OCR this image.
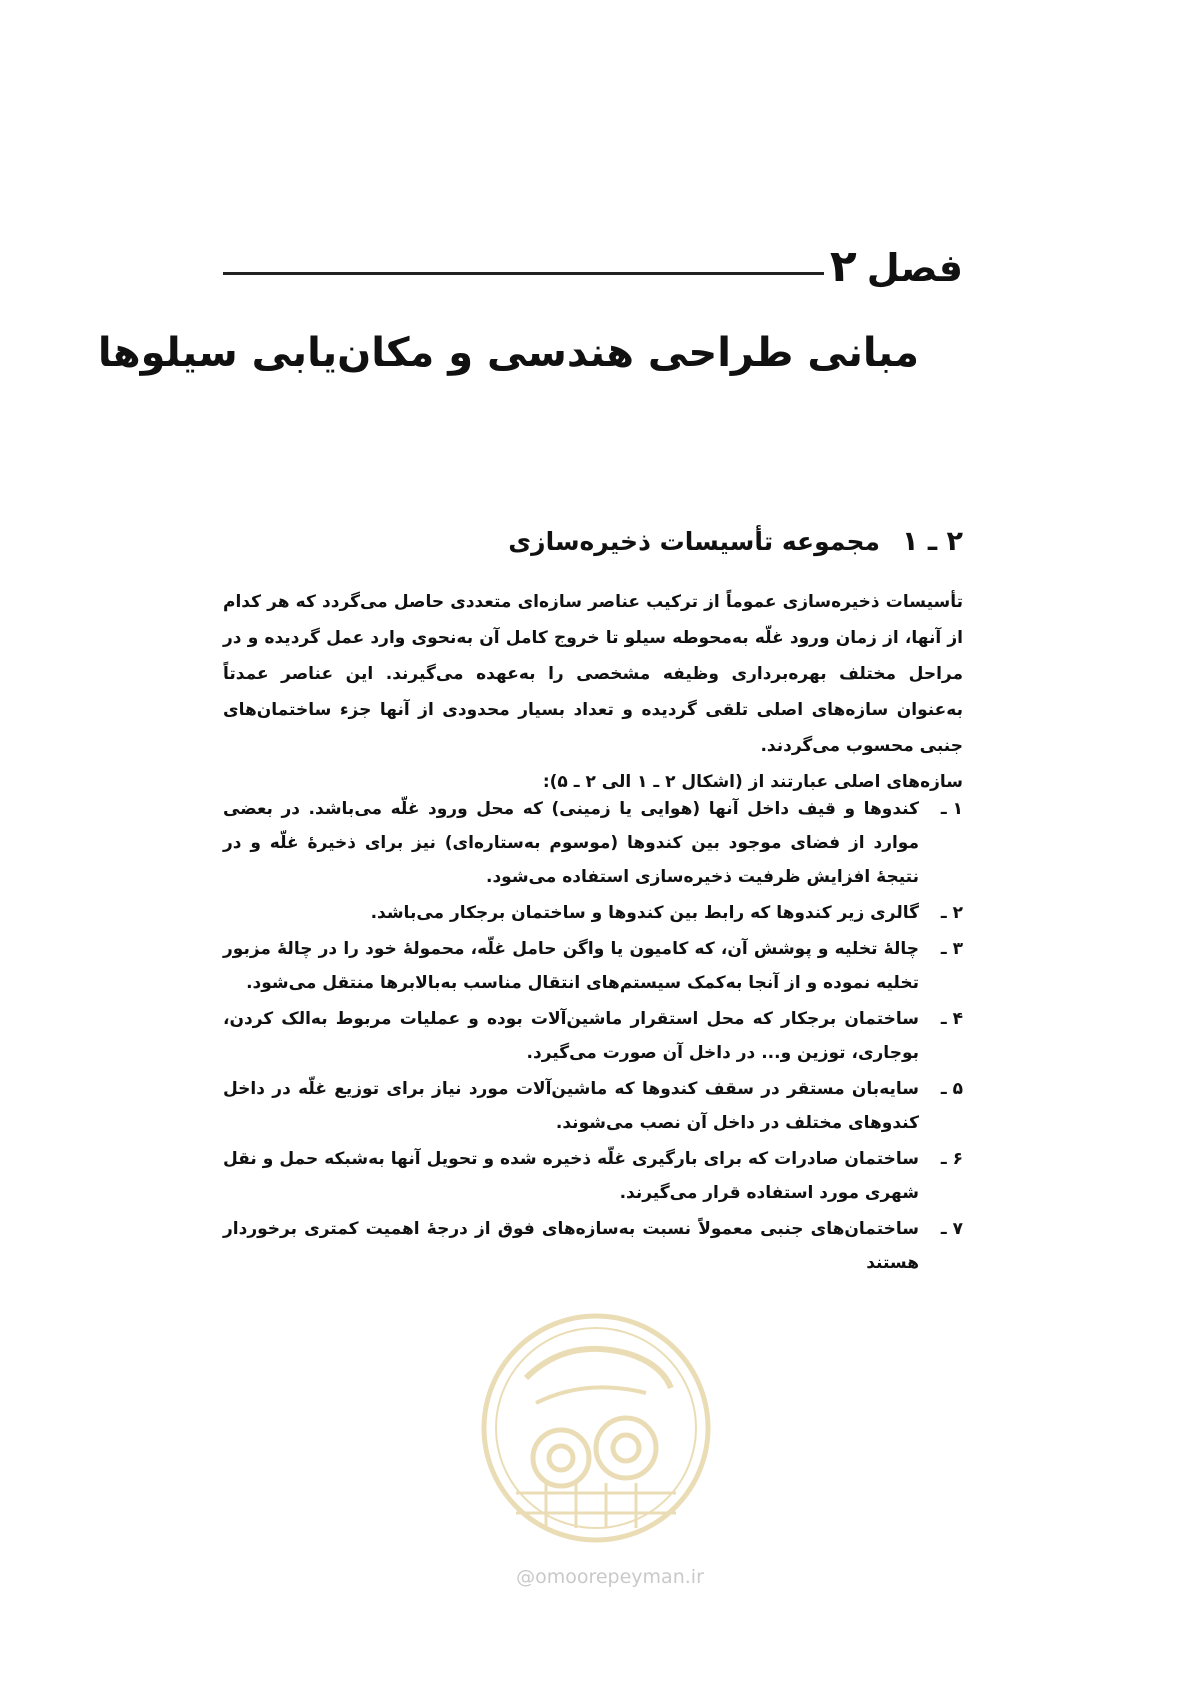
فصل۲
مبانی طراحی هندسی و مکان‌یابی سیلوها
۲ ـ ۱مجموعه تأسیسات ذخیره‌سازی

تأسیسات ذخیره‌سازی عموماً از ترکیب عناصر سازه‌ای متعددی حاصل می‌گردد که هر کدام از آنها، از زمان ورود غلّه به‌محوطه سیلو تا خروج کامل آن به‌نحوی وارد عمل گردیده و در مراحل مختلف بهره‌برداری وظیفه مشخصی را به‌عهده می‌گیرند. این عناصر عمدتاً به‌عنوان سازه‌های اصلی تلقی گردیده و تعداد بسیار محدودی از آنها جزء ساختمان‌های جنبی محسوب می‌گردند.

سازه‌های اصلی عبارتند از (اشکال ۲ ـ ۱ الی ۲ ـ ۵):

۱ ـ
کندوها و قیف داخل آنها (هوایی یا زمینی) که محل ورود غلّه می‌باشد. در بعضی موارد از فضای موجود بین کندوها (موسوم به‌ستاره‌ای) نیز برای ذخیرهٔ غلّه و در نتیجهٔ افزایش ظرفیت ذخیره‌سازی استفاده می‌شود.
۲ ـ
گالری زیر کندوها که رابط بین کندوها و ساختمان برجکار می‌باشد.
۳ ـ
چالهٔ تخلیه و پوشش آن، که کامیون یا واگن حامل غلّه، محمولهٔ خود را در چالهٔ مزبور تخلیه نموده و از آنجا به‌کمک سیستم‌های انتقال مناسب به‌بالابرها منتقل می‌شود.
۴ ـ
ساختمان برجکار که محل استقرار ماشین‌آلات بوده و عملیات مربوط به‌الک کردن، بوجاری، توزین و... در داخل آن صورت می‌گیرد.
۵ ـ
سایه‌بان مستقر در سقف کندوها که ماشین‌آلات مورد نیاز برای توزیع غلّه در داخل کندوهای مختلف در داخل آن نصب می‌شوند.
۶ ـ
ساختمان صادرات که برای بارگیری غلّه ذخیره شده و تحویل آنها به‌شبکه حمل و نقل شهری مورد استفاده قرار می‌گیرند.
۷ ـ
ساختمان‌های جنبی معمولاً نسبت به‌سازه‌های فوق از درجهٔ اهمیت کمتری برخوردار هستند
@omoorepeyman.ir
